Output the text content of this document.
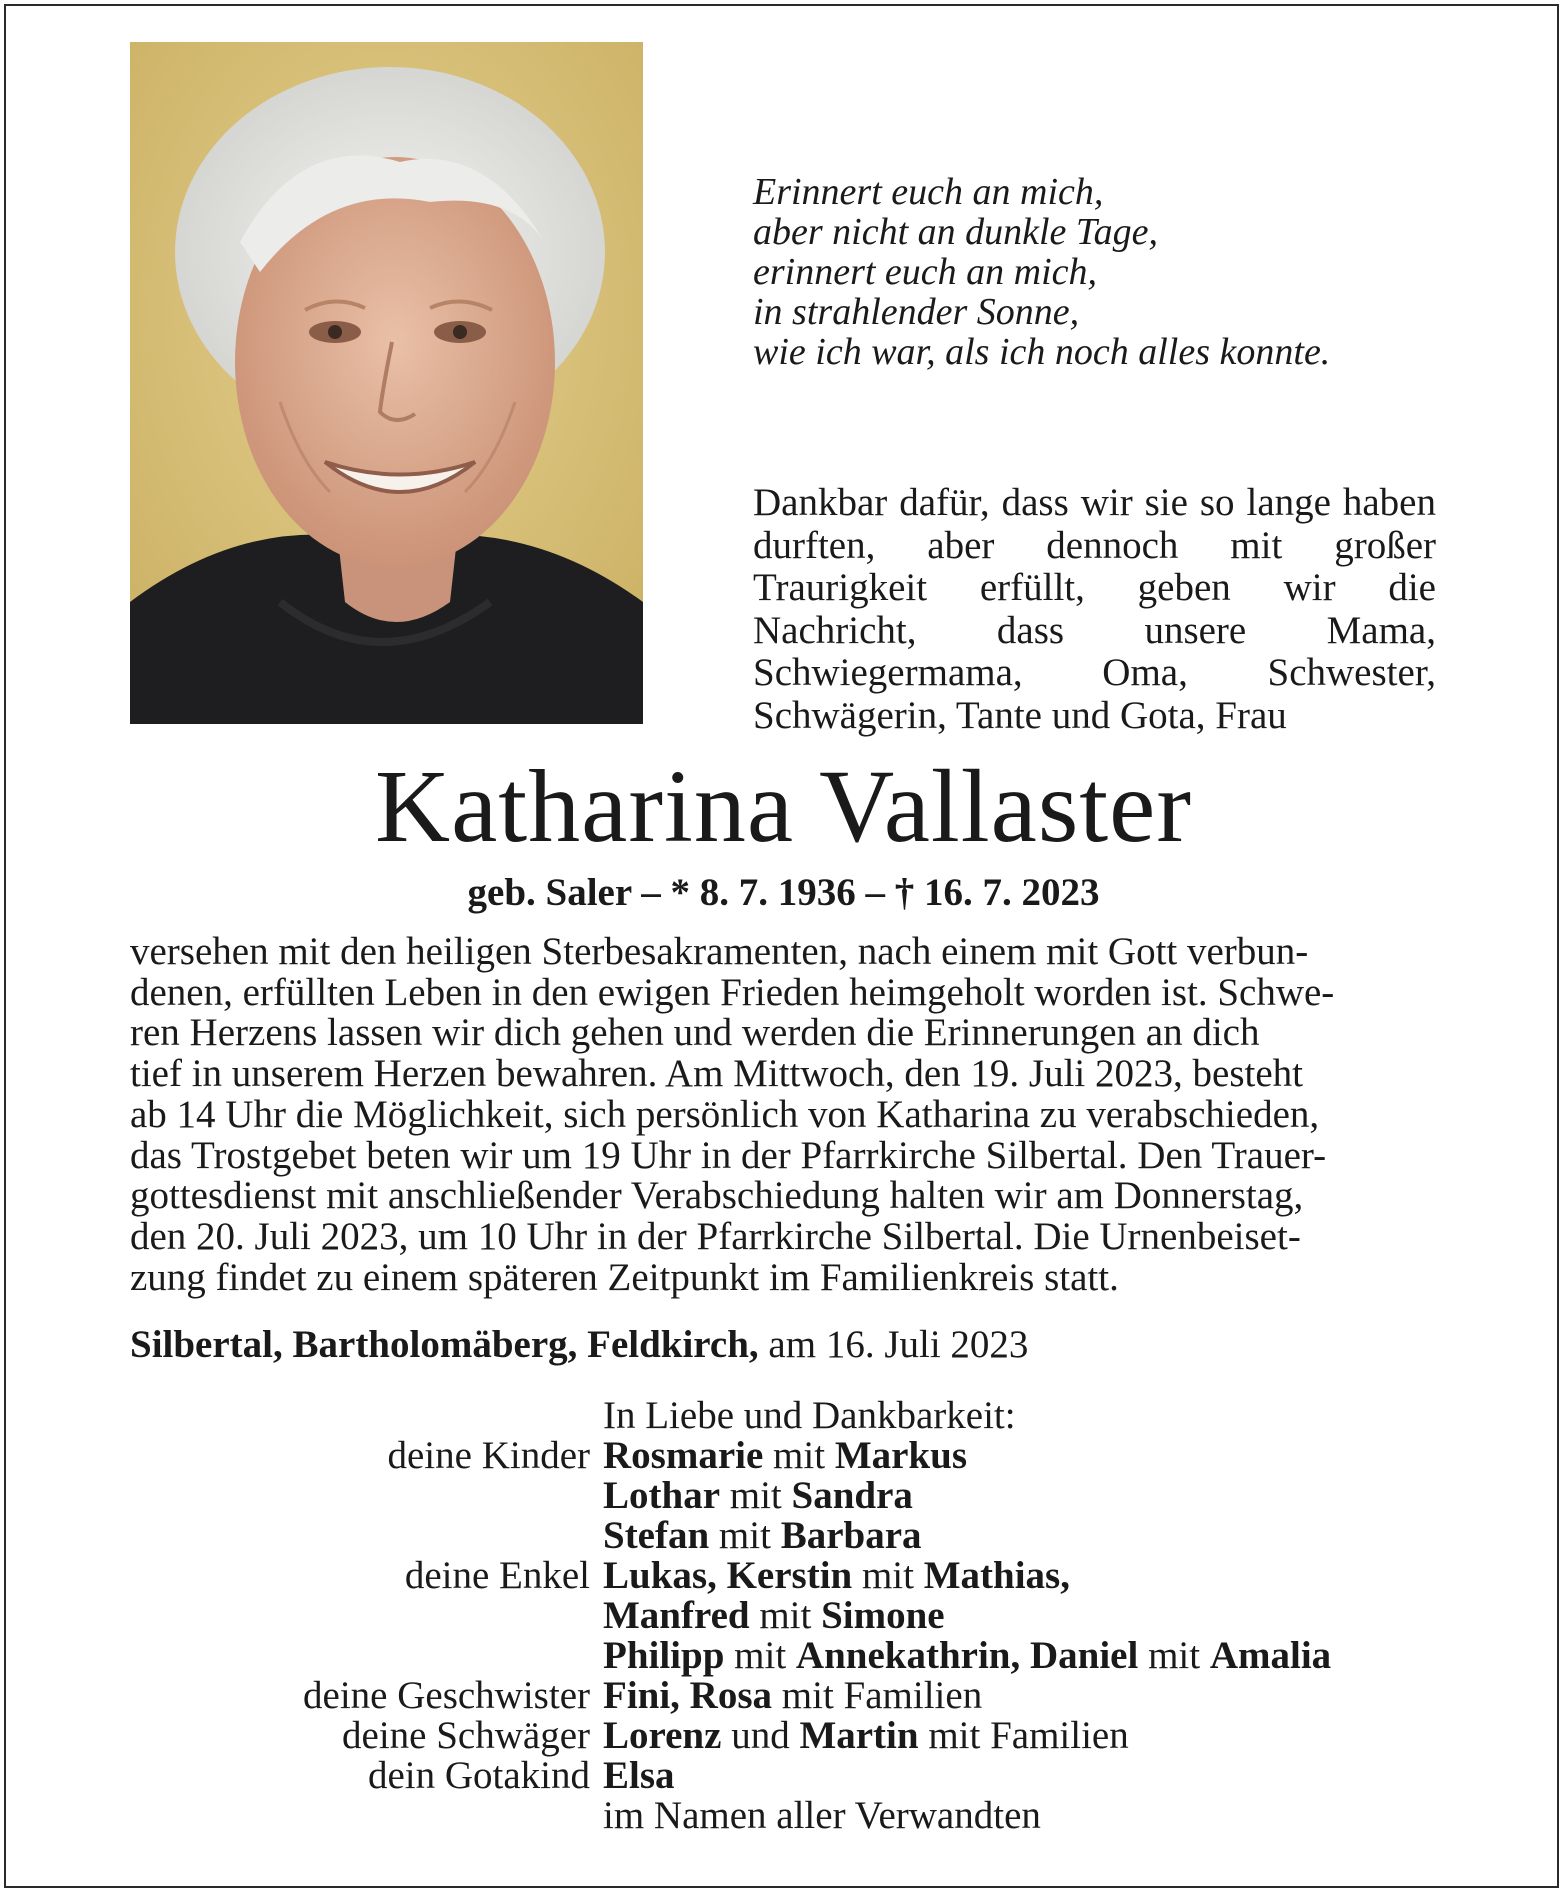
Erinnert euch an mich,
aber nicht an dunkle Tage,
erinnert euch an mich,
in strahlender Sonne,
wie ich war, als ich noch alles konnte.
Dankbar dafür, dass wir sie so lange haben durften, aber dennoch mit großer Traurigkeit erfüllt, geben wir die Nachricht, dass unsere Mama, Schwiegermama, Oma, Schwester, Schwägerin, Tante und Gota, Frau
Katharina Vallaster
geb. Saler – * 8. 7. 1936 – † 16. 7. 2023
versehen mit den heiligen Sterbesakramenten, nach einem mit Gott verbun-
denen, erfüllten Leben in den ewigen Frieden heimgeholt worden ist. Schwe-
ren Herzens lassen wir dich gehen und werden die Erinnerungen an dich
tief in unserem Herzen bewahren. Am Mittwoch, den 19. Juli 2023, besteht
ab 14 Uhr die Möglichkeit, sich persönlich von Katharina zu verabschieden,
das Trostgebet beten wir um 19 Uhr in der Pfarrkirche Silbertal. Den Trauer-
gottesdienst mit anschließender Verabschiedung halten wir am Donnerstag,
den 20. Juli 2023, um 10 Uhr in der Pfarrkirche Silbertal. Die Urnenbeiset-
zung findet zu einem späteren Zeitpunkt im Familienkreis statt.
Silbertal, Bartholomäberg, Feldkirch, am 16. Juli 2023
In Liebe und Dankbarkeit:
deine Kinder Rosmarie mit Markus
Lothar mit Sandra
Stefan mit Barbara
deine Enkel Lukas, Kerstin mit Mathias,
Manfred mit Simone
Philipp mit Annekathrin, Daniel mit Amalia
deine Geschwister Fini, Rosa mit Familien
deine Schwäger Lorenz und Martin mit Familien
dein Gotakind Elsa
im Namen aller Verwandten
